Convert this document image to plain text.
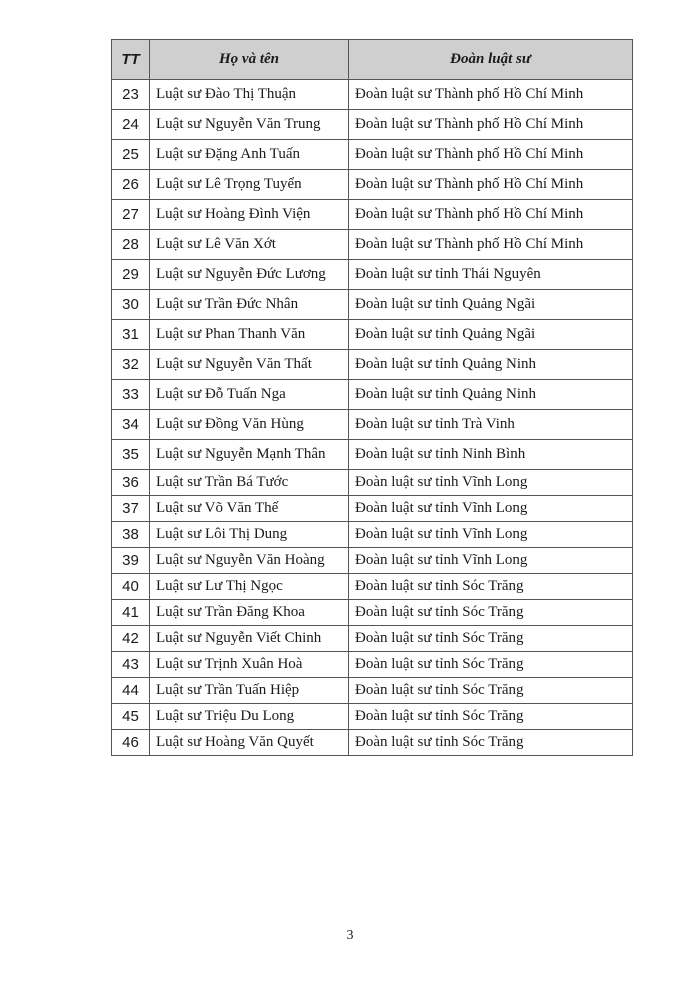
TT	Họ và tên	Đoàn luật sư
23	Luật sư Đào Thị Thuận	Đoàn luật sư Thành phố Hồ Chí Minh
24	Luật sư Nguyễn Văn Trung	Đoàn luật sư Thành phố Hồ Chí Minh
25	Luật sư Đặng Anh Tuấn	Đoàn luật sư Thành phố Hồ Chí Minh
26	Luật sư Lê Trọng Tuyển	Đoàn luật sư Thành phố Hồ Chí Minh
27	Luật sư Hoàng Đình Viện	Đoàn luật sư Thành phố Hồ Chí Minh
28	Luật sư Lê Văn Xớt	Đoàn luật sư Thành phố Hồ Chí Minh
29	Luật sư Nguyễn Đức Lương	Đoàn luật sư tỉnh Thái Nguyên
30	Luật sư Trần Đức Nhân	Đoàn luật sư tỉnh Quảng Ngãi
31	Luật sư Phan Thanh Văn	Đoàn luật sư tỉnh Quảng Ngãi
32	Luật sư Nguyễn Văn Thất	Đoàn luật sư tỉnh Quảng Ninh
33	Luật sư Đỗ Tuấn Nga	Đoàn luật sư tỉnh Quảng Ninh
34	Luật sư Đồng Văn Hùng	Đoàn luật sư tỉnh Trà Vinh
35	Luật sư Nguyễn Mạnh Thân	Đoàn luật sư tỉnh Ninh Bình
36	Luật sư Trần Bá Tước	Đoàn luật sư tỉnh Vĩnh Long
37	Luật sư Võ Văn Thế	Đoàn luật sư tỉnh Vĩnh Long
38	Luật sư Lôi Thị Dung	Đoàn luật sư tỉnh Vĩnh Long
39	Luật sư Nguyễn Văn Hoàng	Đoàn luật sư tỉnh Vĩnh Long
40	Luật sư Lư Thị Ngọc	Đoàn luật sư tỉnh Sóc Trăng
41	Luật sư Trần Đăng Khoa	Đoàn luật sư tỉnh Sóc Trăng
42	Luật sư Nguyễn Viết Chinh	Đoàn luật sư tỉnh Sóc Trăng
43	Luật sư Trịnh Xuân Hoà	Đoàn luật sư tỉnh Sóc Trăng
44	Luật sư Trần Tuấn Hiệp	Đoàn luật sư tỉnh Sóc Trăng
45	Luật sư Triệu Du Long	Đoàn luật sư tỉnh Sóc Trăng
46	Luật sư Hoàng Văn Quyết	Đoàn luật sư tỉnh Sóc Trăng
3
